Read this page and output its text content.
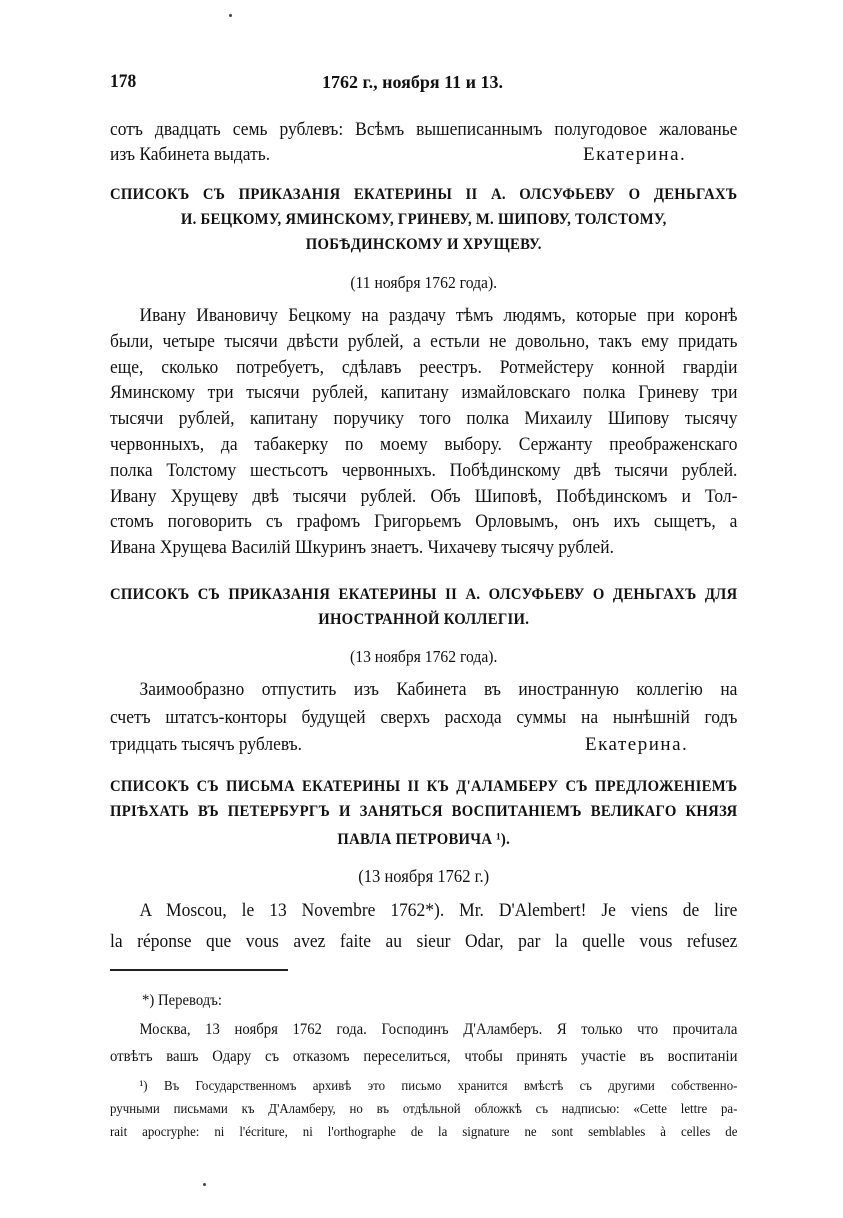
178	1762 г., ноября 11 и 13.
сотъ двадцать семь рублевъ: Всѣмъ вышеписаннымъ полугодовое жалованье
изъ Кабинета выдать.	Екатерина.
СПИСОКЪ СЪ ПРИКАЗАНІЯ ЕКАТЕРИНЫ II А. ОЛСУФЬЕВУ О ДЕНЬГАХЪ
И. БЕЦКОМУ, ЯМИНСКОМУ, ГРИНЕВУ, М. ШИПОВУ, ТОЛСТОМУ,
ПОБѢДИНСКОМУ И ХРУЩЕВУ.
(11 ноября 1762 года).
Ивану Ивановичу Бецкому на раздачу тѣмъ людямъ, которые при коронѣ
были, четыре тысячи двѣсти рублей, а естьли не довольно, такъ ему придать
еще, сколько потребуетъ, сдѣлавъ реестръ. Ротмейстеру конной гвардіи
Яминскому три тысячи рублей, капитану измайловскаго полка Гриневу три
тысячи рублей, капитану поручику того полка Михаилу Шипову тысячу
червонныхъ, да табакерку по моему выбору. Сержанту преображенскаго
полка Толстому шестьсотъ червонныхъ. Побѣдинскому двѣ тысячи рублей.
Ивану Хрущеву двѣ тысячи рублей. Объ Шиповѣ, Побѣдинскомъ и Тол-
стомъ поговорить съ графомъ Григорьемъ Орловымъ, онъ ихъ сыщетъ, а
Ивана Хрущева Василій Шкуринъ знаетъ. Чихачеву тысячу рублей.
СПИСОКЪ СЪ ПРИКАЗАНІЯ ЕКАТЕРИНЫ II А. ОЛСУФЬЕВУ О ДЕНЬГАХЪ ДЛЯ
ИНОСТРАННОЙ КОЛЛЕГІИ.
(13 ноября 1762 года).
Заимообразно отпустить изъ Кабинета въ иностранную коллегію на
счетъ штатсъ-конторы будущей сверхъ расхода суммы на нынѣшній годъ
тридцать тысячъ рублевъ.	Екатерина.
СПИСОКЪ СЪ ПИСЬМА ЕКАТЕРИНЫ II КЪ Д'АЛАМБЕРУ СЪ ПРЕДЛОЖЕНІЕМЪ
ПРІѢХАТЬ ВЪ ПЕТЕРБУРГЪ И ЗАНЯТЬСЯ ВОСПИТАНІЕМЪ ВЕЛИКАГО КНЯЗЯ
ПАВЛА ПЕТРОВИЧА ¹).
(13 ноября 1762 г.)
A Moscou, le 13 Novembre 1762*). Mr. D'Alembert! Je viens de lire
la réponse que vous avez faite au sieur Odar, par la quelle vous refusez
*) Переводъ:
Москва, 13 ноября 1762 года. Господинъ Д'Аламберъ. Я только что прочитала
отвѣтъ вашъ Одару съ отказомъ переселиться, чтобы принять участіе въ воспитаніи
¹) Въ Государственномъ архивѣ это письмо хранится вмѣстѣ съ другими собственно-
ручными письмами къ Д'Аламберу, но въ отдѣльной обложкѣ съ надписью: «Cette lettre pa-
rait apocryphe: ni l'écriture, ni l'orthographe de la signature ne sont semblables à celles de
